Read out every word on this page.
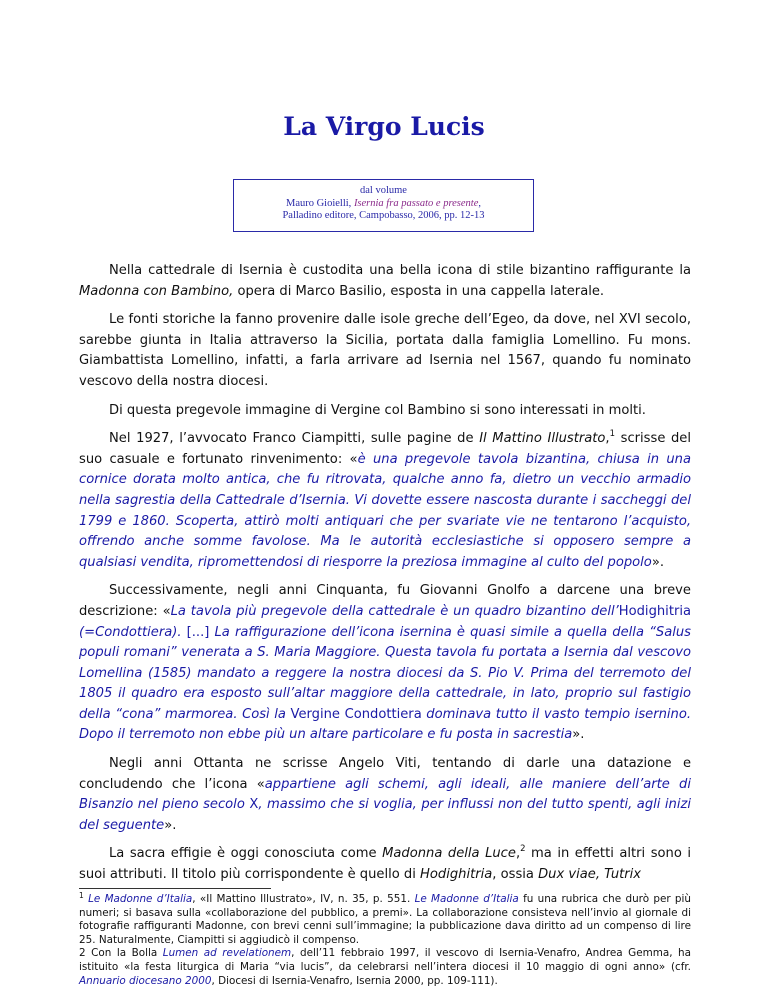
La Virgo Lucis
dal volume
Mauro Gioielli, Isernia fra passato e presente,
Palladino editore, Campobasso, 2006, pp. 12-13

Nella cattedrale di Isernia è custodita una bella icona di stile bizantino raffigurante la Madonna con Bambino, opera di Marco Basilio, esposta in una cappella laterale.

Le fonti storiche la fanno provenire dalle isole greche dell’Egeo, da dove, nel XVI secolo, sarebbe giunta in Italia attraverso la Sicilia, portata dalla famiglia Lomellino. Fu mons. Giambattista Lomellino, infatti, a farla arrivare ad Isernia nel 1567, quando fu nominato vescovo della nostra diocesi.

Di questa pregevole immagine di Vergine col Bambino si sono interessati in molti.

Nel 1927, l’avvocato Franco Ciampitti, sulle pagine de Il Mattino Illustrato,$^1$ scrisse del suo casuale e fortunato rinvenimento: «è una pregevole tavola bizantina, chiusa in una cornice dorata molto antica, che fu ritrovata, qualche anno fa, dietro un vecchio armadio nella sagrestia della Cattedrale d’Isernia. Vi dovette essere nascosta durante i saccheggi del 1799 e 1860. Scoperta, attirò molti antiquari che per svariate vie ne tentarono l’acquisto, offrendo anche somme favolose. Ma le autorità ecclesiastiche si opposero sempre a qualsiasi vendita, ripromettendosi di riesporre la preziosa immagine al culto del popolo».

Successivamente, negli anni Cinquanta, fu Giovanni Gnolfo a darcene una breve descrizione: «La tavola più pregevole della cattedrale è un quadro bizantino dell’Hodighitria (=Condottiera). [...] La raffigurazione dell’icona isernina è quasi simile a quella della “Salus populi romani” venerata a S. Maria Maggiore. Questa tavola fu portata a Isernia dal vescovo Lomellina (1585) mandato a reggere la nostra diocesi da S. Pio V. Prima del terremoto del 1805 il quadro era esposto sull’altar maggiore della cattedrale, in lato, proprio sul fastigio della “cona” marmorea. Così la Vergine Condottiera dominava tutto il vasto tempio isernino. Dopo il terremoto non ebbe più un altare particolare e fu posta in sacrestia».

Negli anni Ottanta ne scrisse Angelo Viti, tentando di darle una datazione e concludendo che l’icona «appartiene agli schemi, agli ideali, alle maniere dell’arte di Bisanzio nel pieno secolo X, massimo che si voglia, per influssi non del tutto spenti, agli inizi del seguente».

La sacra effigie è oggi conosciuta come Madonna della Luce,$^2$ ma in effetti altri sono i suoi attributi. Il titolo più corrispondente è quello di Hodighitria, ossia Dux viae, Tutrix

$^1$ Le Madonne d’Italia, «Il Mattino Illustrato», IV, n. 35, p. 551. Le Madonne d’Italia fu una rubrica che durò per più numeri; si basava sulla «collaborazione del pubblico, a premi». La collaborazione consisteva nell’invio al giornale di fotografie raffiguranti Madonne, con brevi cenni sull’immagine; la pubblicazione dava diritto ad un compenso di lire 25. Naturalmente, Ciampitti si aggiudicò il compenso.

2 Con la Bolla Lumen ad revelationem, dell’11 febbraio 1997, il vescovo di Isernia-Venafro, Andrea Gemma, ha istituito «la festa liturgica di Maria “via lucis”, da celebrarsi nell’intera diocesi il 10 maggio di ogni anno» (cfr. Annuario diocesano 2000, Diocesi di Isernia-Venafro, Isernia 2000, pp. 109-111).
